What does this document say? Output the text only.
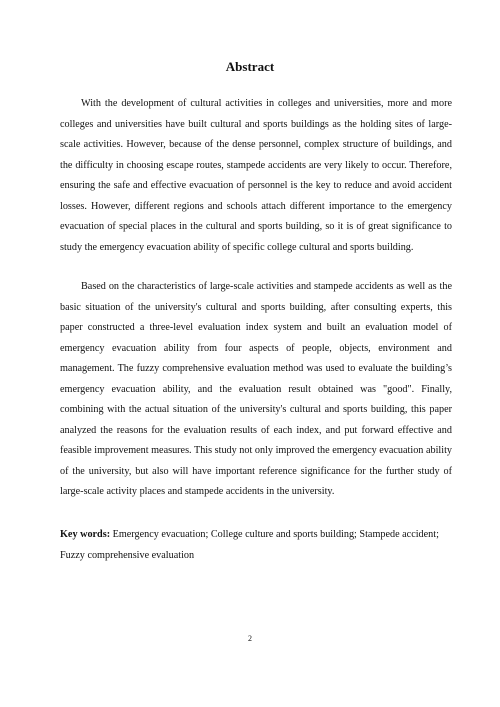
Abstract

With the development of cultural activities in colleges and universities, more and more colleges and universities have built cultural and sports buildings as the holding sites of large-scale activities. However, because of the dense personnel, complex structure of buildings, and the difficulty in choosing escape routes, stampede accidents are very likely to occur. Therefore, ensuring the safe and effective evacuation of personnel is the key to reduce and avoid accident losses. However, different regions and schools attach different importance to the emergency evacuation of special places in the cultural and sports building, so it is of great significance to study the emergency evacuation ability of specific college cultural and sports building.

Based on the characteristics of large-scale activities and stampede accidents as well as the basic situation of the university's cultural and sports building, after consulting experts, this paper constructed a three-level evaluation index system and built an evaluation model of emergency evacuation ability from four aspects of people, objects, environment and management. The fuzzy comprehensive evaluation method was used to evaluate the building’s emergency evacuation ability, and the evaluation result obtained was "good". Finally, combining with the actual situation of the university's cultural and sports building, this paper analyzed the reasons for the evaluation results of each index, and put forward effective and feasible improvement measures. This study not only improved the emergency evacuation ability of the university, but also will have important reference significance for the further study of large-scale activity places and stampede accidents in the university.

Key words: Emergency evacuation; College culture and sports building; Stampede accident; Fuzzy comprehensive evaluation

2
